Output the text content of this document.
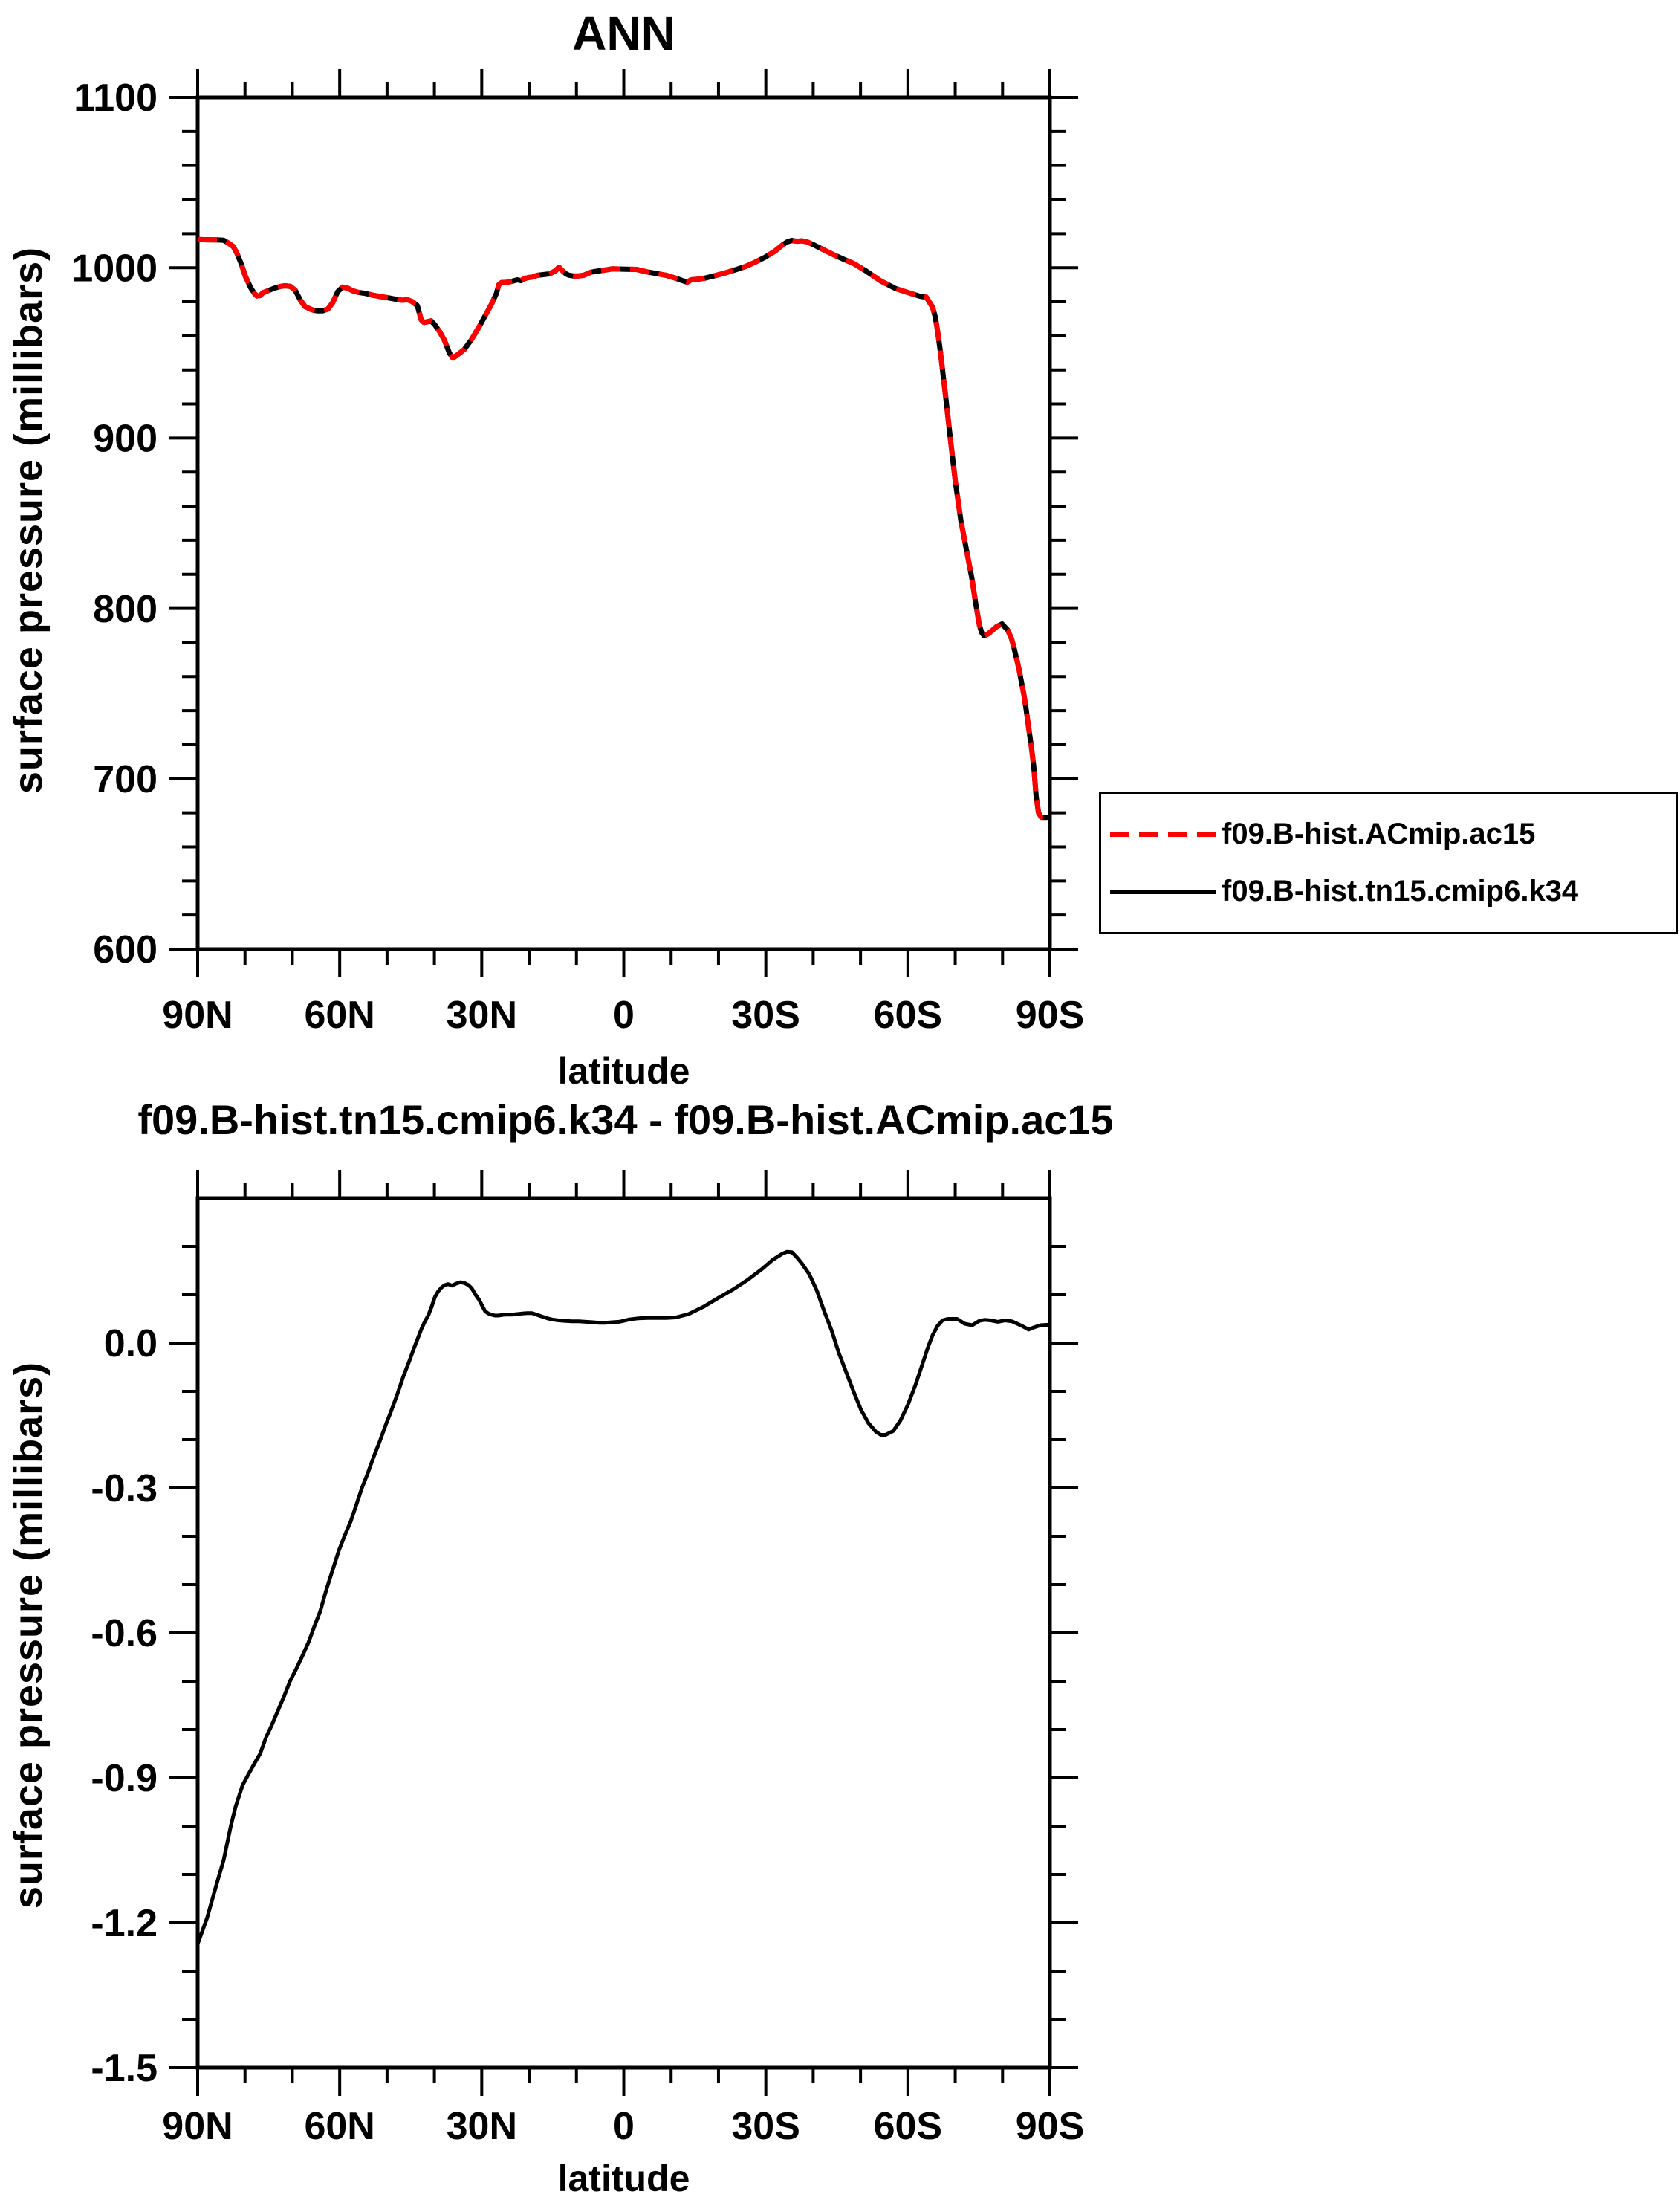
90N 60N 30N 0	30S 60S 90S
600
700
800
900
1000
1100
90N 60N 30N 0	30S 60S 90S
0.0
-0.3
-0.6
-0.9
-1.2
-1.5
ANN
surface pressure (millibars)
latitude
f09.B-hist.tn15.cmip6.k34 - f09.B-hist.ACmip.ac15
surface pressure (millibars)
latitude
f09.B-hist.ACmip.ac15
f09.B-hist.tn15.cmip6.k34
